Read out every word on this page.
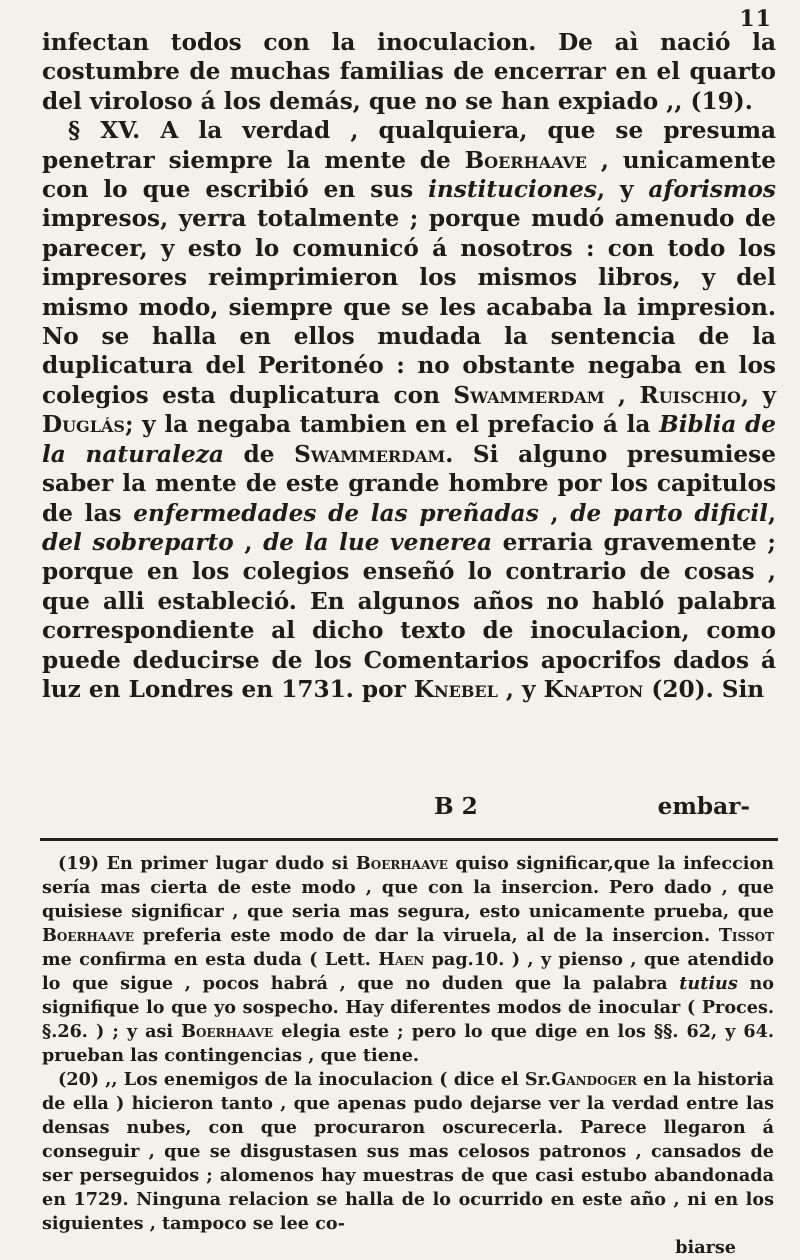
11

infectan todos con la inoculacion. De aì nació la costumbre de muchas familias de encerrar en el quarto del viroloso á los demás, que no se han expiado ,, (19).

§ XV. A la verdad , qualquiera, que se presuma penetrar siempre la mente de Boerhaave , unicamente con lo que escribió en sus instituciones, y aforismos impresos, yerra totalmente ; porque mudó amenudo de parecer, y esto lo comunicó á nosotros : con todo los impresores reimprimieron los mismos libros, y del mismo modo, siempre que se les acababa la impresion. No se halla en ellos mudada la sentencia de la duplicatura del Peritonéo : no obstante negaba en los colegios esta duplicatura con Swammerdam , Ruischio, y Duglás; y la negaba tambien en el prefacio á la Biblia de la naturaleza de Swammerdam. Si alguno presumiese saber la mente de este grande hombre por los capitulos de las enfermedades de las preñadas , de parto dificil, del sobreparto , de la lue venerea erraria gravemente ; porque en los colegios enseñó lo contrario de cosas , que alli estableció. En algunos años no habló palabra correspondiente al dicho texto de inoculacion, como puede deducirse de los Comentarios apocrifos dados á luz en Londres en 1731. por Knebel , y Knapton (20). Sin

B 2	embar-

(19) En primer lugar dudo si Boerhaave quiso significar,que la infeccion sería mas cierta de este modo , que con la insercion. Pero dado , que quisiese significar , que seria mas segura, esto unicamente prueba, que Boerhaave preferia este modo de dar la viruela, al de la insercion. Tissot me confirma en esta duda ( Lett. Haen pag.10. ) , y pienso , que atendido lo que sigue , pocos habrá , que no duden que la palabra tutius no signifique lo que yo sospecho. Hay diferentes modos de inocular ( Proces. §.26. ) ; y asi Boerhaave elegia este ; pero lo que dige en los §§. 62, y 64. prueban las contingencias , que tiene.

(20) ,, Los enemigos de la inoculacion ( dice el Sr.Gandoger en la historia de ella ) hicieron tanto , que apenas pudo dejarse ver la verdad entre las densas nubes, con que procuraron oscurecerla. Parece llegaron á conseguir , que se disgustasen sus mas celosos patronos , cansados de ser perseguidos ; alomenos hay muestras de que casi estubo abandonada en 1729. Ninguna relacion se halla de lo ocurrido en este año , ni en los siguientes , tampoco se lee co-

biarse
